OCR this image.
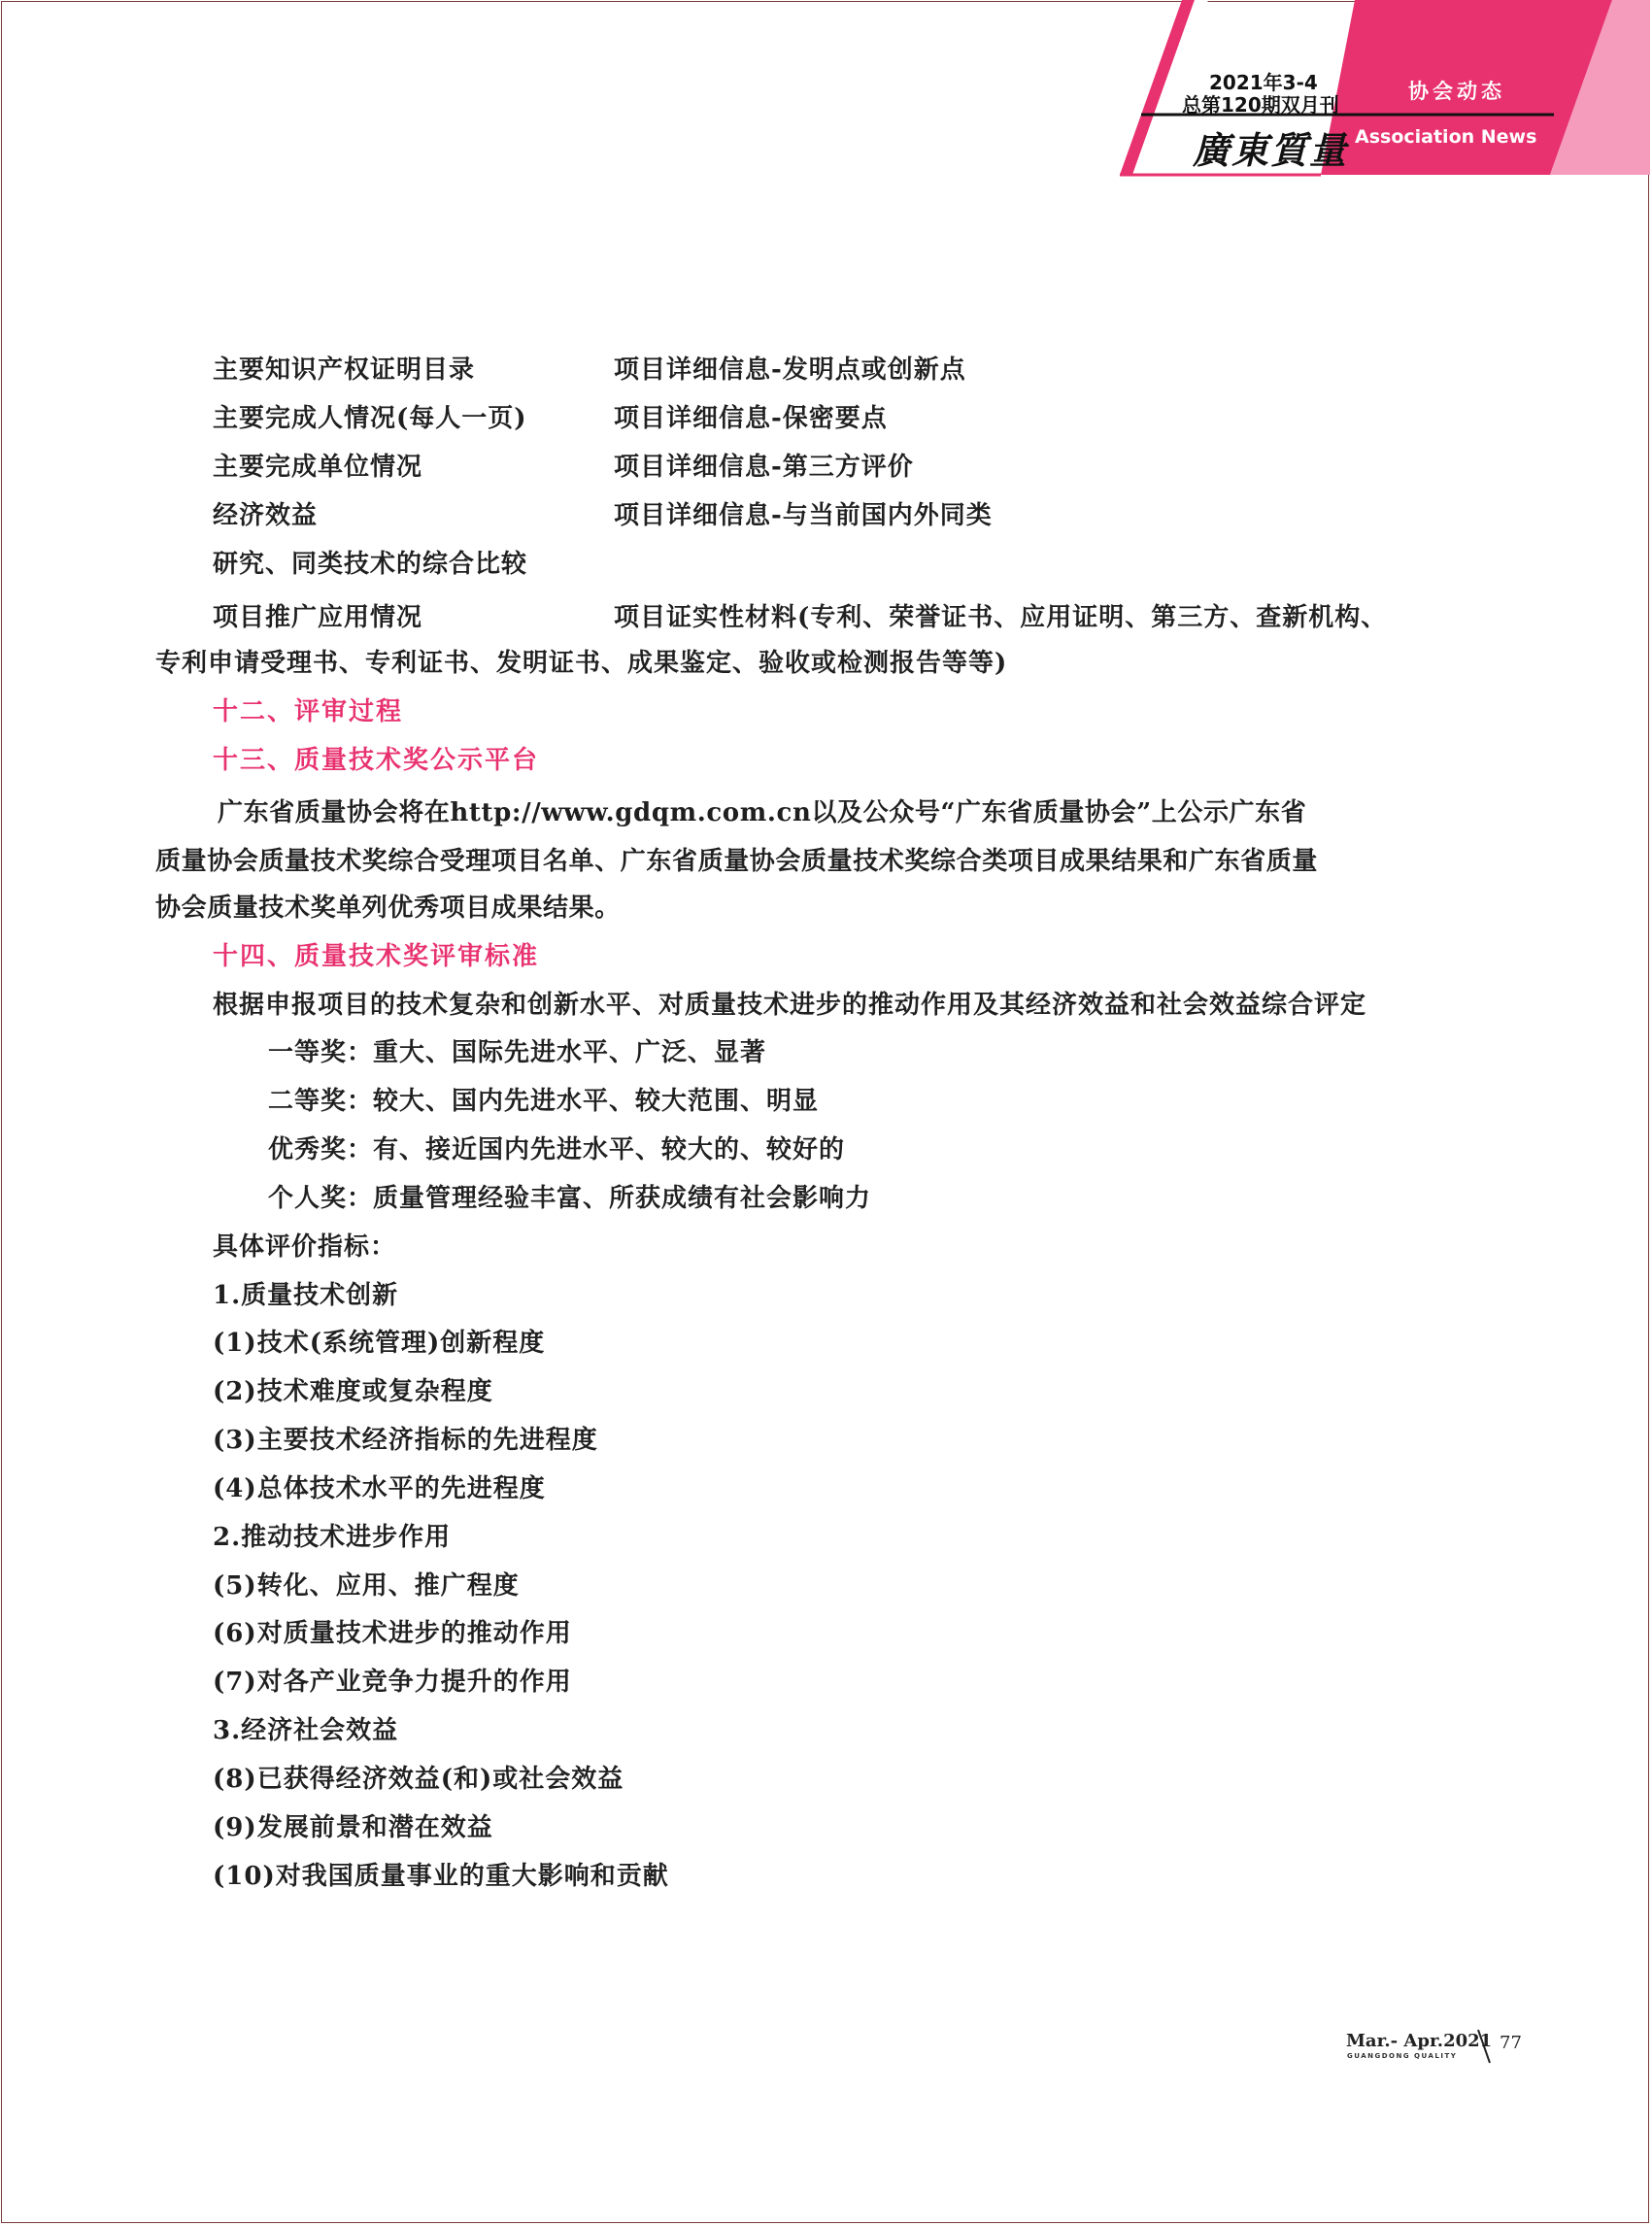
2021年3-4
总第120期双月刊
廣東質量
协会动态
Association News
主要知识产权证明目录	项目详细信息-发明点或创新点
主要完成人情况(每人一页)	项目详细信息-保密要点
主要完成单位情况	项目详细信息-第三方评价
经济效益	项目详细信息-与当前国内外同类
研究、同类技术的综合比较
项目推广应用情况	项目证实性材料(专利、荣誉证书、应用证明、第三方、查新机构、
专利申请受理书、专利证书、发明证书、成果鉴定、验收或检测报告等等)
十二、评审过程
十三、质量技术奖公示平台
广东省质量协会将在http://www.gdqm.com.cn以及公众号“广东省质量协会”上公示广东省
质量协会质量技术奖综合受理项目名单、广东省质量协会质量技术奖综合类项目成果结果和广东省质量
协会质量技术奖单列优秀项目成果结果。
十四、质量技术奖评审标准
根据申报项目的技术复杂和创新水平、对质量技术进步的推动作用及其经济效益和社会效益综合评定
一等奖：重大、国际先进水平、广泛、显著
二等奖：较大、国内先进水平、较大范围、明显
优秀奖：有、接近国内先进水平、较大的、较好的
个人奖：质量管理经验丰富、所获成绩有社会影响力
具体评价指标：
1.质量技术创新
(1)技术(系统管理)创新程度
(2)技术难度或复杂程度
(3)主要技术经济指标的先进程度
(4)总体技术水平的先进程度
2.推动技术进步作用
(5)转化、应用、推广程度
(6)对质量技术进步的推动作用
(7)对各产业竞争力提升的作用
3.经济社会效益
(8)已获得经济效益(和)或社会效益
(9)发展前景和潜在效益
(10)对我国质量事业的重大影响和贡献
Mar.- Apr.2021
GUANGDONG QUALITY
77
